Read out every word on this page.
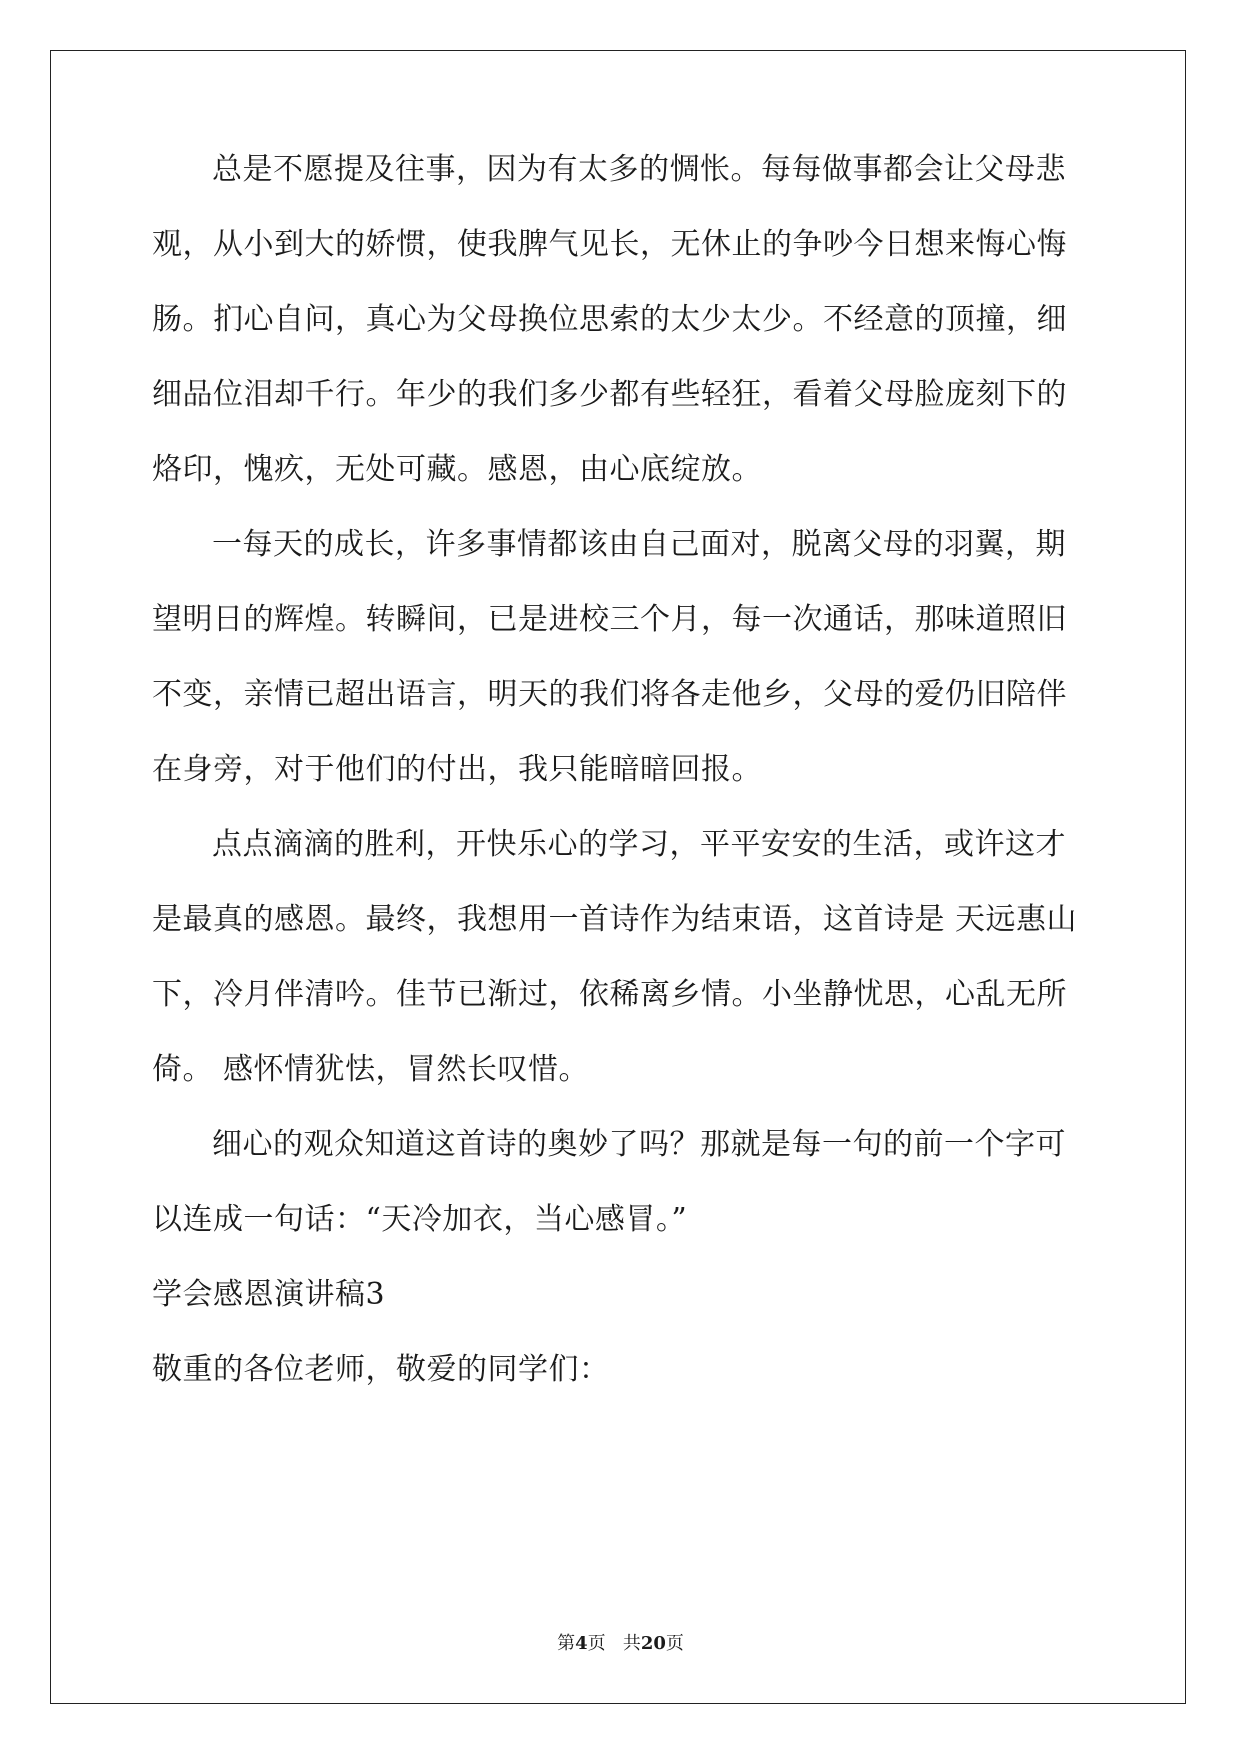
总是不愿提及往事，因为有太多的惆怅。每每做事都会让父母悲
观，从小到大的娇惯，使我脾气见长，无休止的争吵今日想来悔心悔
肠。扪心自问，真心为父母换位思索的太少太少。不经意的顶撞，细
细品位泪却千行。年少的我们多少都有些轻狂，看着父母脸庞刻下的
烙印，愧疚，无处可藏。感恩，由心底绽放。
一每天的成长，许多事情都该由自己面对，脱离父母的羽翼，期
望明日的辉煌。转瞬间，已是进校三个月，每一次通话，那味道照旧
不变，亲情已超出语言，明天的我们将各走他乡，父母的爱仍旧陪伴
在身旁，对于他们的付出，我只能暗暗回报。
点点滴滴的胜利，开快乐心的学习，平平安安的生活，或许这才
是最真的感恩。最终，我想用一首诗作为结束语，这首诗是 天远惠山
下，冷月伴清吟。佳节已渐过，依稀离乡情。小坐静忧思，心乱无所
倚。 感怀情犹怯，冒然长叹惜。
细心的观众知道这首诗的奥妙了吗？那就是每一句的前一个字可
以连成一句话：“天冷加衣，当心感冒。”
学会感恩演讲稿3
敬重的各位老师，敬爱的同学们：
第4页 共20页
